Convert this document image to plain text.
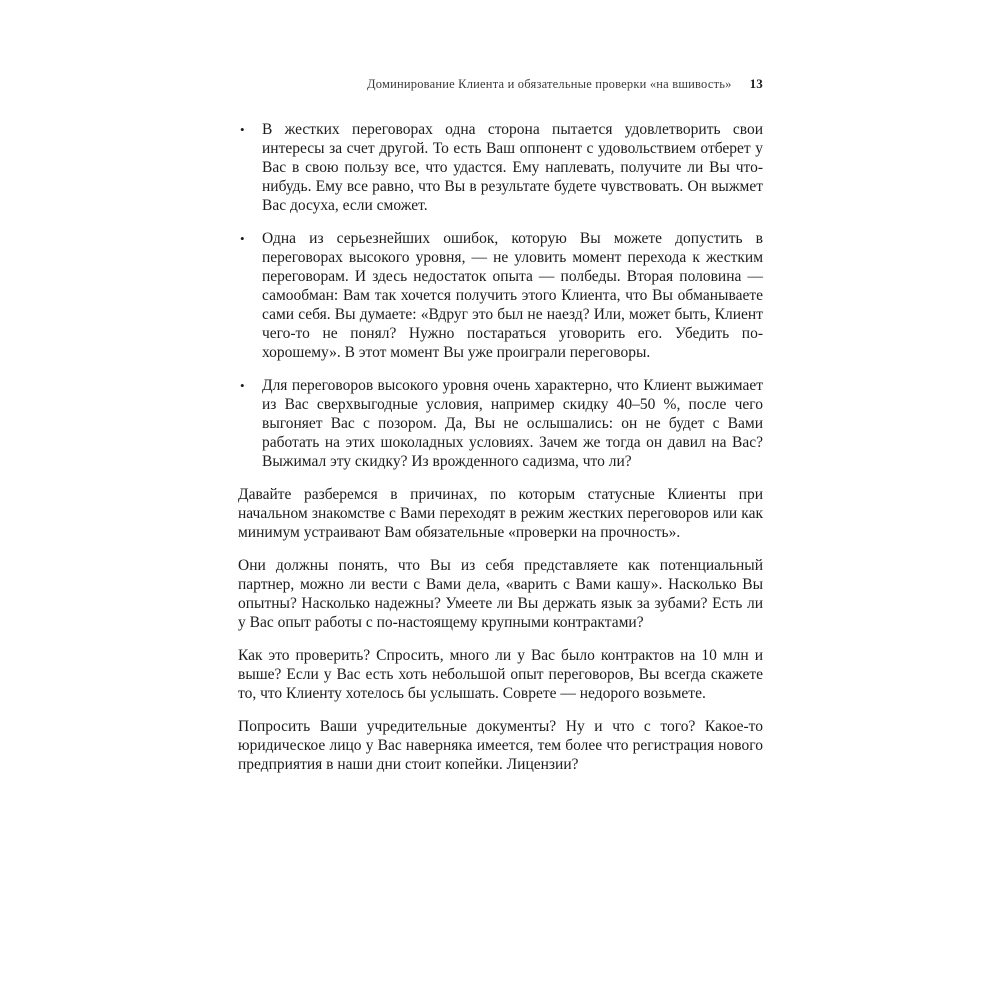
Доминирование Клиента и обязательные проверки «на вшивость» 13
• В жестких переговорах одна сторона пытается удовлетворить свои интересы за счет другой. То есть Ваш оппонент с удовольствием отберет у Вас в свою пользу все, что удастся. Ему наплевать, получите ли Вы что-нибудь. Ему все равно, что Вы в результате будете чувствовать. Он выжмет Вас досуха, если сможет.
• Одна из серьезнейших ошибок, которую Вы можете допустить в переговорах высокого уровня, — не уловить момент перехода к жестким переговорам. И здесь недостаток опыта — полбеды. Вторая половина — самообман: Вам так хочется получить этого Клиента, что Вы обманываете сами себя. Вы думаете: «Вдруг это был не наезд? Или, может быть, Клиент чего-то не понял? Нужно постараться уговорить его. Убедить по-хорошему». В этот момент Вы уже проиграли переговоры.
• Для переговоров высокого уровня очень характерно, что Клиент выжимает из Вас сверхвыгодные условия, например скидку 40–50 %, после чего выгоняет Вас с позором. Да, Вы не ослышались: он не будет с Вами работать на этих шоколадных условиях. Зачем же тогда он давил на Вас? Выжимал эту скидку? Из врожденного садизма, что ли?

Давайте разберемся в причинах, по которым статусные Клиенты при начальном знакомстве с Вами переходят в режим жестких переговоров или как минимум устраивают Вам обязательные «проверки на прочность».

Они должны понять, что Вы из себя представляете как потенциальный партнер, можно ли вести с Вами дела, «варить с Вами кашу». Насколько Вы опытны? Насколько надежны? Умеете ли Вы держать язык за зубами? Есть ли у Вас опыт работы с по-настоящему крупными контрактами?

Как это проверить? Спросить, много ли у Вас было контрактов на 10 млн и выше? Если у Вас есть хоть небольшой опыт переговоров, Вы всегда скажете то, что Клиенту хотелось бы услышать. Соврете — недорого возьмете.

Попросить Ваши учредительные документы? Ну и что с того? Какое-то юридическое лицо у Вас наверняка имеется, тем более что регистрация нового предприятия в наши дни стоит копейки. Лицензии?
